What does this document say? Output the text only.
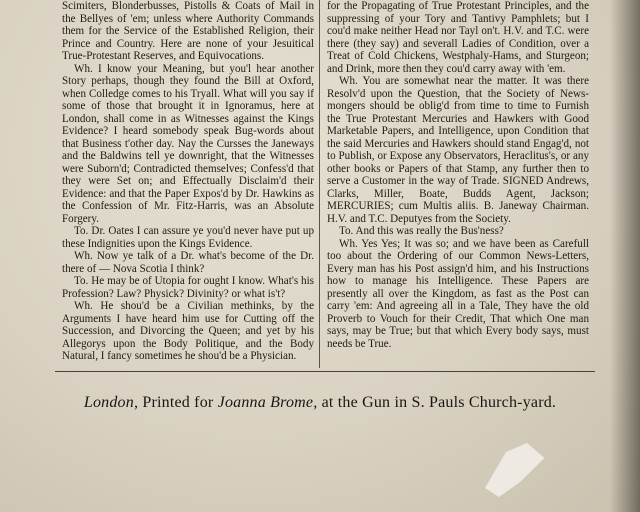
Scimiters, Blonderbusses, Pistolls & Coats of Mail in the Bellyes of 'em; unless where Authority Commands them for the Service of the Established Religion, their Prince and Country. Here are none of your Jesuitical True-Protestant Reserves, and Equivocations.

Wh. I know your Meaning, but you'l hear another Story perhaps, though they found the Bill at Oxford, when Colledge comes to his Tryall. What will you say if some of those that brought it in Ignoramus, here at London, shall come in as Witnesses against the Kings Evidence? I heard somebody speak Bug-words about that Business t'other day. Nay the Cursses the Janeways and the Baldwins tell ye downright, that the Witnesses were Suborn'd; Contradicted themselves; Confess'd that they were Set on; and Effectually Disclaim'd their Evidence: and that the Paper Expos'd by Dr. Hawkins as the Confession of Mr. Fitz-Harris, was an Absolute Forgery.

To. Dr. Oates I can assure ye you'd never have put up these Indignities upon the Kings Evidence.

Wh. Now ye talk of a Dr. what's become of the Dr. there of — Nova Scotia I think?

To. He may be of Utopia for ought I know. What's his Profession? Law? Physick? Divinity? or what is't?

Wh. He shou'd be a Civilian methinks, by the Arguments I have heard him use for Cutting off the Succession, and Divorcing the Queen; and yet by his Allegorys upon the Body Politique, and the Body Natural, I fancy sometimes he shou'd be a Physician.

for the Propagating of True Protestant Principles, and the suppressing of your Tory and Tantivy Pamphlets; but I cou'd make neither Head nor Tayl on't. H.V. and T.C. were there (they say) and severall Ladies of Condition, over a Treat of Cold Chickens, Westphaly-Hams, and Sturgeon; and Drink, more then they cou'd carry away with 'em.

Wh. You are somewhat near the matter. It was there Resolv'd upon the Question, that the Society of News-mongers should be oblig'd from time to time to Furnish the True Protestant Mercuries and Hawkers with Good Marketable Papers, and Intelligence, upon Condition that the said Mercuries and Hawkers should stand Engag'd, not to Publish, or Expose any Observators, Heraclitus's, or any other books or Papers of that Stamp, any further then to serve a Customer in the way of Trade. SIGNED Andrews, Clarks, Miller, Boate, Budds Agent, Jackson; MERCURIES; cum Multis aliis. B. Janeway Chairman. H.V. and T.C. Deputyes from the Society.

To. And this was really the Bus'ness?

Wh. Yes Yes; It was so; and we have been as Carefull too about the Ordering of our Common News-Letters, Every man has his Post assign'd him, and his Instructions how to manage his Intelligence. These Papers are presently all over the Kingdom, as fast as the Post can carry 'em: And agreeing all in a Tale, They have the old Proverb to Vouch for their Credit, That which One man says, may be True; but that which Every body says, must needs be True.

London, Printed for Joanna Brome, at the Gun in S. Pauls Church-yard.
